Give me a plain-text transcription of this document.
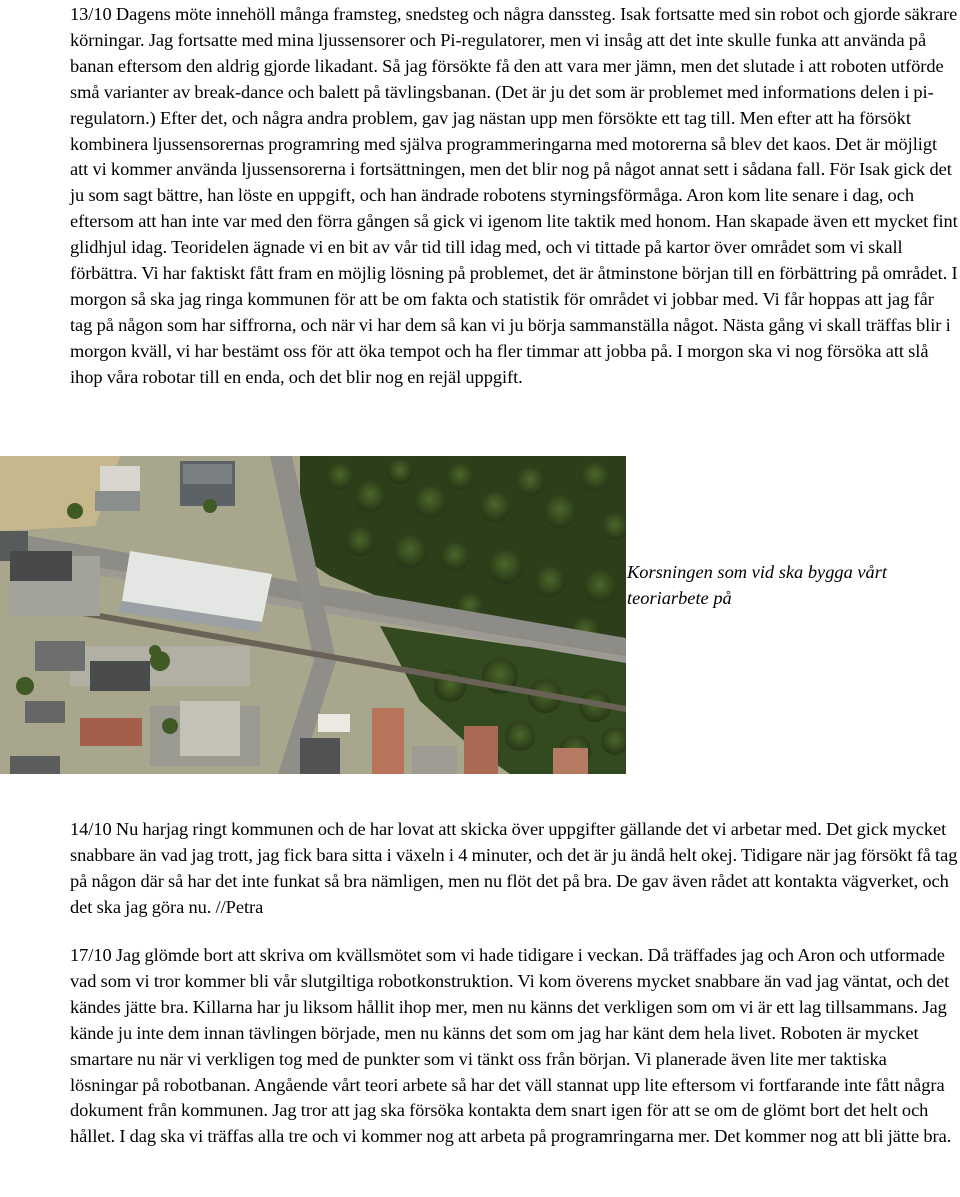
13/10 Dagens möte innehöll många framsteg, snedsteg och några danssteg. Isak fortsatte med sin robot och gjorde säkrare körningar. Jag fortsatte med mina ljussensorer och Pi-regulatorer, men vi insåg att det inte skulle funka att använda på banan eftersom den aldrig gjorde likadant. Så jag försökte få den att vara mer jämn, men det slutade i att roboten utförde små varianter av break-dance och balett på tävlingsbanan. (Det är ju det som är problemet med informations delen i pi-regulatorn.) Efter det, och några andra problem, gav jag nästan upp men försökte ett tag till. Men efter att ha försökt kombinera ljussensorernas programring med själva programmeringarna med motorerna så blev det kaos. Det är möjligt att vi kommer använda ljussensorerna i fortsättningen, men det blir nog på något annat sett i sådana fall. För Isak gick det ju som sagt bättre, han löste en uppgift, och han ändrade robotens styrningsförmåga. Aron kom lite senare i dag, och eftersom att han inte var med den förra gången så gick vi igenom lite taktik med honom. Han skapade även ett mycket fint glidhjul idag. Teoridelen ägnade vi en bit av vår tid till idag med, och vi tittade på kartor över området som vi skall förbättra. Vi har faktiskt fått fram en möjlig lösning på problemet, det är åtminstone början till en förbättring på området. I morgon så ska jag ringa kommunen för att be om fakta och statistik för området vi jobbar med. Vi får hoppas att jag får tag på någon som har siffrorna, och när vi har dem så kan vi ju börja sammanställa något. Nästa gång vi skall träffas blir i morgon kväll, vi har bestämt oss för att öka tempot och ha fler timmar att jobba på. I morgon ska vi nog försöka att slå ihop våra robotar till en enda, och det blir nog en rejäl uppgift.

Korsningen som vid ska bygga vårt teoriarbete på

14/10 Nu harjag ringt kommunen och de har lovat att skicka över uppgifter gällande det vi arbetar med. Det gick mycket snabbare än vad jag trott, jag fick bara sitta i växeln i 4 minuter, och det är ju ändå helt okej. Tidigare när jag försökt få tag på någon där så har det inte funkat så bra nämligen, men nu flöt det på bra. De gav även rådet att kontakta vägverket, och det ska jag göra nu. //Petra

17/10 Jag glömde bort att skriva om kvällsmötet som vi hade tidigare i veckan. Då träffades jag och Aron och utformade vad som vi tror kommer bli vår slutgiltiga robotkonstruktion. Vi kom överens mycket snabbare än vad jag väntat, och det kändes jätte bra. Killarna har ju liksom hållit ihop mer, men nu känns det verkligen som om vi är ett lag tillsammans. Jag kände ju inte dem innan tävlingen började, men nu känns det som om jag har känt dem hela livet. Roboten är mycket smartare nu när vi verkligen tog med de punkter som vi tänkt oss från början. Vi planerade även lite mer taktiska lösningar på robotbanan. Angående vårt teori arbete så har det väll stannat upp lite eftersom vi fortfarande inte fått några dokument från kommunen. Jag tror att jag ska försöka kontakta dem snart igen för att se om de glömt bort det helt och hållet. I dag ska vi träffas alla tre och vi kommer nog att arbeta på programringarna mer. Det kommer nog att bli jätte bra.
